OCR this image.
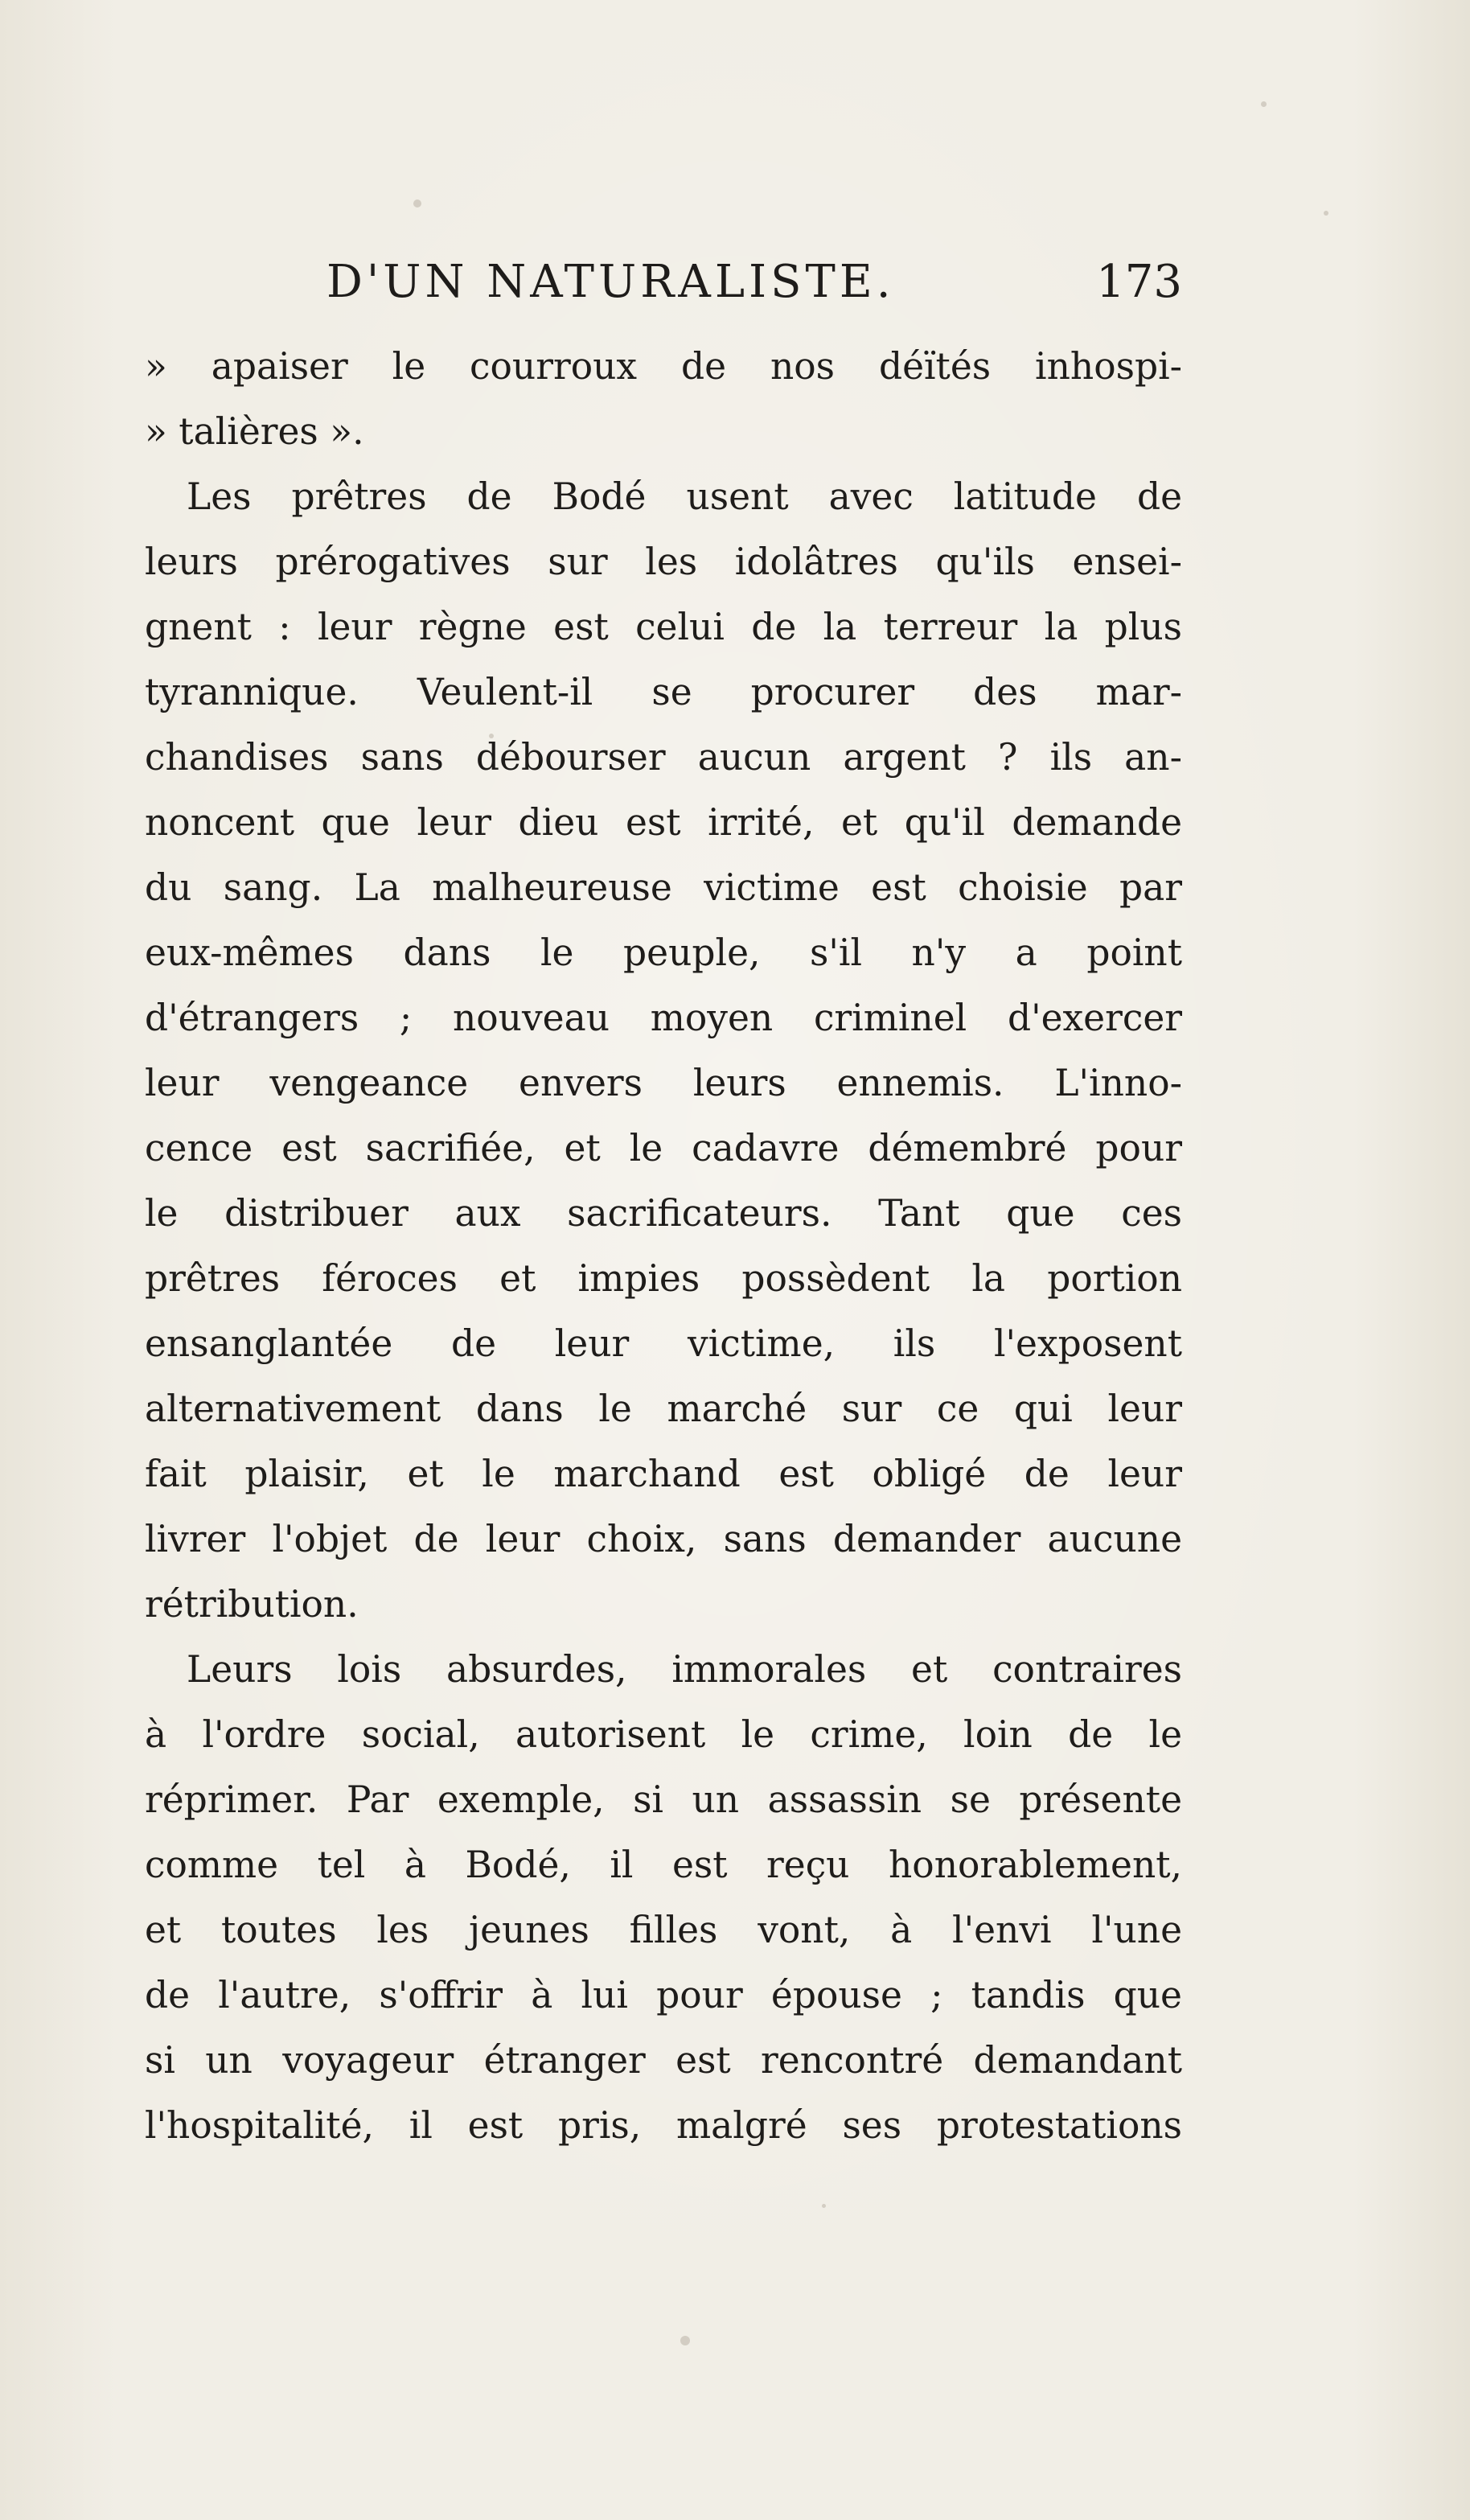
D'UN NATURALISTE.	173
» apaiser le courroux de nos déïtés inhospi-
» talières ».
Les prêtres de Bodé usent avec latitude de
leurs prérogatives sur les idolâtres qu'ils ensei-
gnent : leur règne est celui de la terreur la plus
tyrannique. Veulent-il se procurer des mar-
chandises sans débourser aucun argent ? ils an-
noncent que leur dieu est irrité, et qu'il demande
du sang. La malheureuse victime est choisie par
eux-mêmes dans le peuple, s'il n'y a point
d'étrangers ; nouveau moyen criminel d'exercer
leur vengeance envers leurs ennemis. L'inno-
cence est sacrifiée, et le cadavre démembré pour
le distribuer aux sacrificateurs. Tant que ces
prêtres féroces et impies possèdent la portion
ensanglantée de leur victime, ils l'exposent
alternativement dans le marché sur ce qui leur
fait plaisir, et le marchand est obligé de leur
livrer l'objet de leur choix, sans demander aucune
rétribution.
Leurs lois absurdes, immorales et contraires
à l'ordre social, autorisent le crime, loin de le
réprimer. Par exemple, si un assassin se présente
comme tel à Bodé, il est reçu honorablement,
et toutes les jeunes filles vont, à l'envi l'une
de l'autre, s'offrir à lui pour épouse ; tandis que
si un voyageur étranger est rencontré demandant
l'hospitalité, il est pris, malgré ses protestations
